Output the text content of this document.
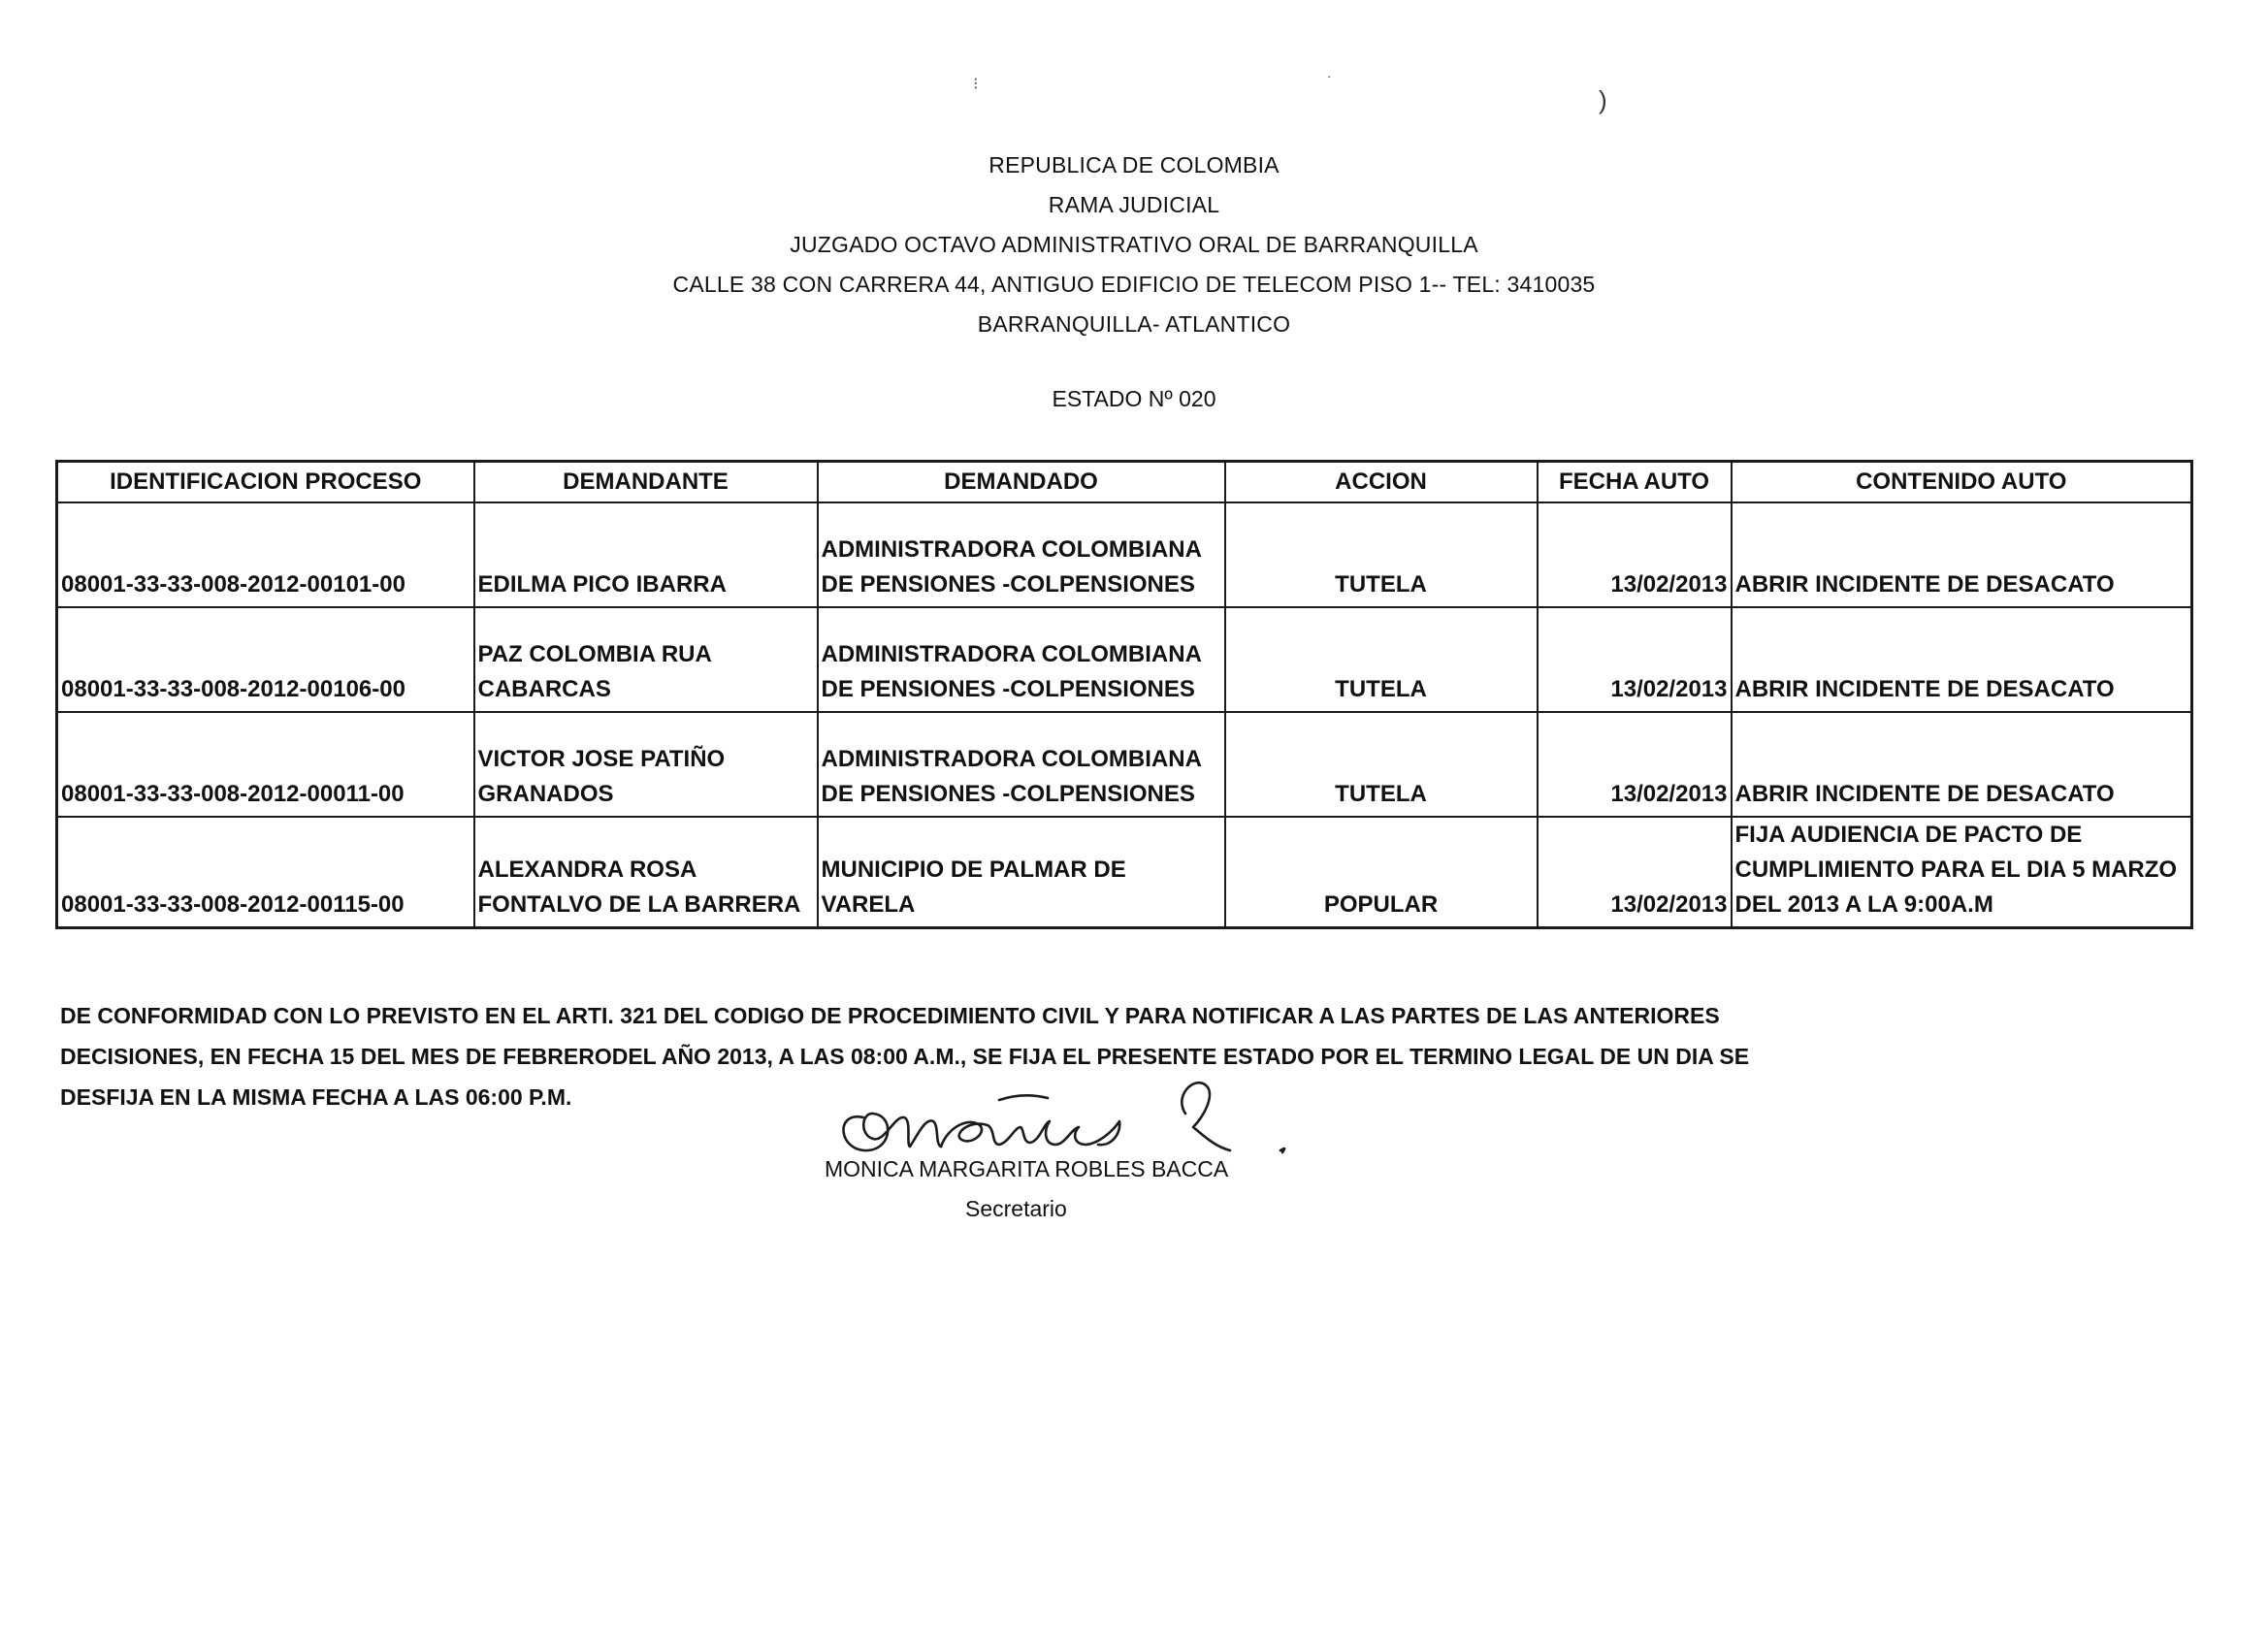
REPUBLICA DE COLOMBIA
RAMA JUDICIAL
JUZGADO OCTAVO ADMINISTRATIVO ORAL DE BARRANQUILLA
CALLE 38 CON CARRERA 44, ANTIGUO EDIFICIO DE TELECOM PISO 1-- TEL: 3410035
BARRANQUILLA- ATLANTICO
ESTADO Nº 020
IDENTIFICACION PROCESO	DEMANDANTE	DEMANDADO	ACCION	FECHA AUTO	CONTENIDO AUTO
08001-33-33-008-2012-00101-00	EDILMA PICO IBARRA	ADMINISTRADORA COLOMBIANA DE PENSIONES -COLPENSIONES	TUTELA	13/02/2013	ABRIR INCIDENTE DE DESACATO
08001-33-33-008-2012-00106-00	PAZ COLOMBIA RUA CABARCAS	ADMINISTRADORA COLOMBIANA DE PENSIONES -COLPENSIONES	TUTELA	13/02/2013	ABRIR INCIDENTE DE DESACATO
08001-33-33-008-2012-00011-00	VICTOR JOSE PATIÑO GRANADOS	ADMINISTRADORA COLOMBIANA DE PENSIONES -COLPENSIONES	TUTELA	13/02/2013	ABRIR INCIDENTE DE DESACATO
08001-33-33-008-2012-00115-00	ALEXANDRA ROSA FONTALVO DE LA BARRERA	MUNICIPIO DE PALMAR DE VARELA	POPULAR	13/02/2013	FIJA AUDIENCIA DE PACTO DE CUMPLIMIENTO PARA EL DIA 5 MARZO DEL 2013 A LA 9:00A.M
DE CONFORMIDAD CON LO PREVISTO EN EL ARTI. 321 DEL CODIGO DE PROCEDIMIENTO CIVIL Y PARA NOTIFICAR A LAS PARTES DE LAS ANTERIORES
DECISIONES, EN FECHA 15 DEL MES DE FEBRERODEL AÑO 2013, A LAS 08:00 A.M., SE FIJA EL PRESENTE ESTADO POR EL TERMINO LEGAL DE UN DIA SE
DESFIJA EN LA MISMA FECHA A LAS 06:00 P.M.
MONICA MARGARITA ROBLES BACCA
Secretario
⁝	˙
)
